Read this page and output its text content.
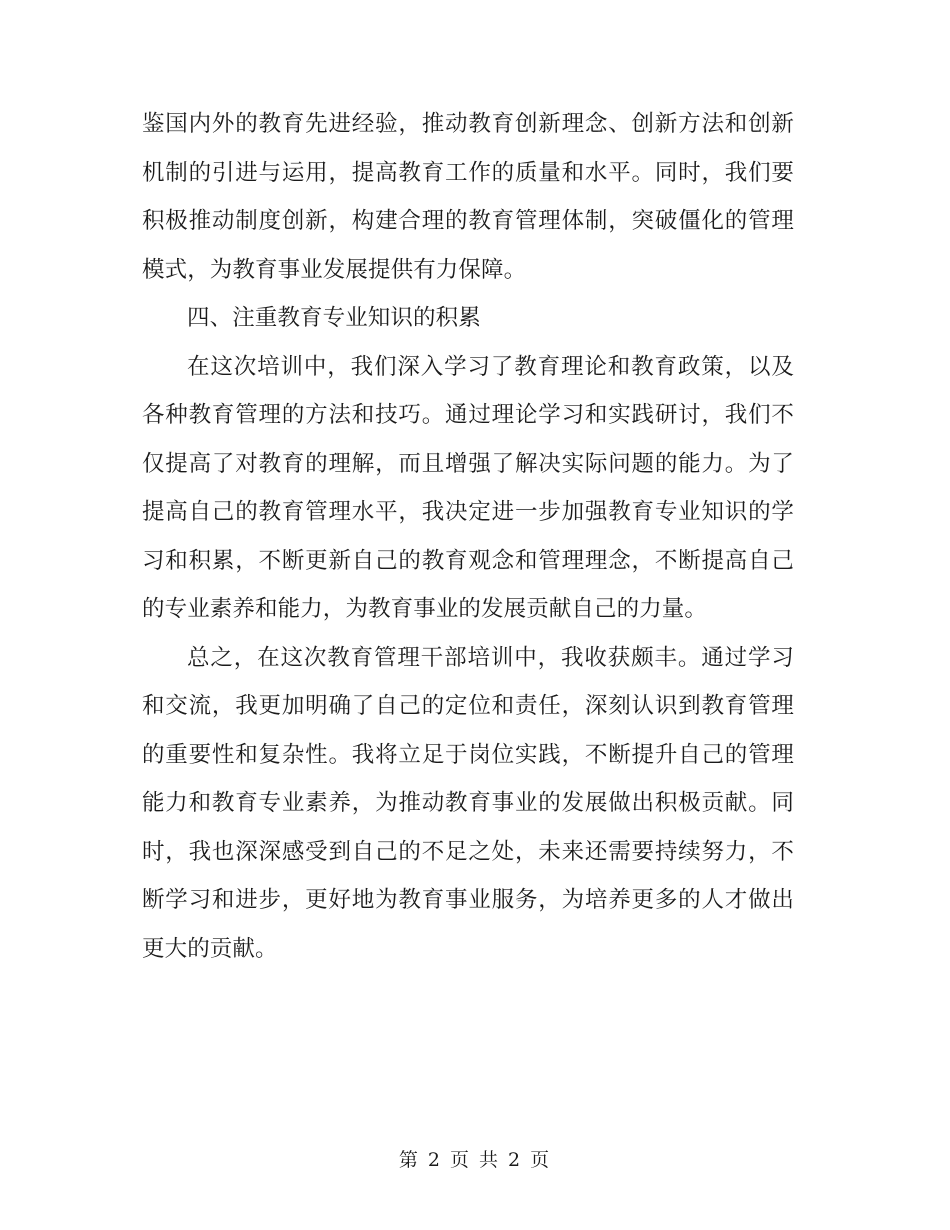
鉴国内外的教育先进经验，推动教育创新理念、创新方法和创新机制的引进与运用，提高教育工作的质量和水平。同时，我们要积极推动制度创新，构建合理的教育管理体制，突破僵化的管理模式，为教育事业发展提供有力保障。

四、注重教育专业知识的积累

在这次培训中，我们深入学习了教育理论和教育政策，以及各种教育管理的方法和技巧。通过理论学习和实践研讨，我们不仅提高了对教育的理解，而且增强了解决实际问题的能力。为了提高自己的教育管理水平，我决定进一步加强教育专业知识的学习和积累，不断更新自己的教育观念和管理理念，不断提高自己的专业素养和能力，为教育事业的发展贡献自己的力量。

总之，在这次教育管理干部培训中，我收获颇丰。通过学习和交流，我更加明确了自己的定位和责任，深刻认识到教育管理的重要性和复杂性。我将立足于岗位实践，不断提升自己的管理能力和教育专业素养，为推动教育事业的发展做出积极贡献。同时，我也深深感受到自己的不足之处，未来还需要持续努力，不断学习和进步，更好地为教育事业服务，为培养更多的人才做出更大的贡献。

第 2 页 共 2 页
